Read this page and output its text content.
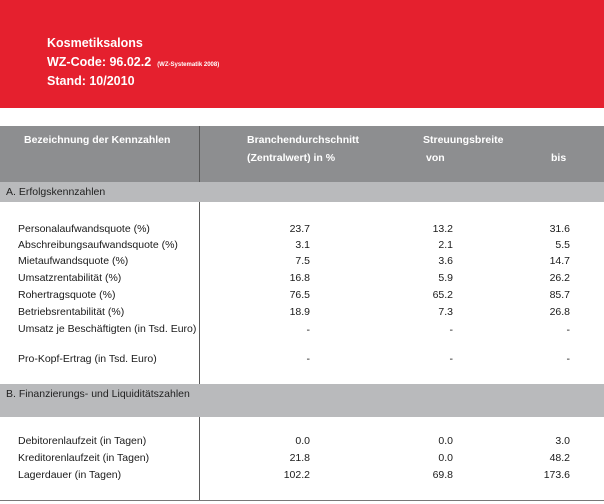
Kosmetiksalons
WZ-Code: 96.02.2 (WZ-Systematik 2008)
Stand: 10/2010
Bezeichnung der Kennzahlen	Branchendurchschnitt
(Zentralwert) in %
Streuungsbreite
von	bis
A. Erfolgskennzahlen
Personalaufwandsquote (%)	23.7	13.2	31.6
Abschreibungsaufwandsquote (%)	3.1	2.1	5.5
Mietaufwandsquote (%)	7.5	3.6	14.7
Umsatzrentabilität (%)	16.8	5.9	26.2
Rohertragsquote (%)	76.5	65.2	85.7
Betriebsrentabilität (%)	18.9	7.3	26.8
Umsatz je Beschäftigten (in Tsd. Euro)	-	-	-
Pro-Kopf-Ertrag (in Tsd. Euro)	-	-	-
B. Finanzierungs- und Liquiditätszahlen
Debitorenlaufzeit (in Tagen)	0.0	0.0	3.0
Kreditorenlaufzeit (in Tagen)	21.8	0.0	48.2
Lagerdauer (in Tagen)	102.2	69.8	173.6
